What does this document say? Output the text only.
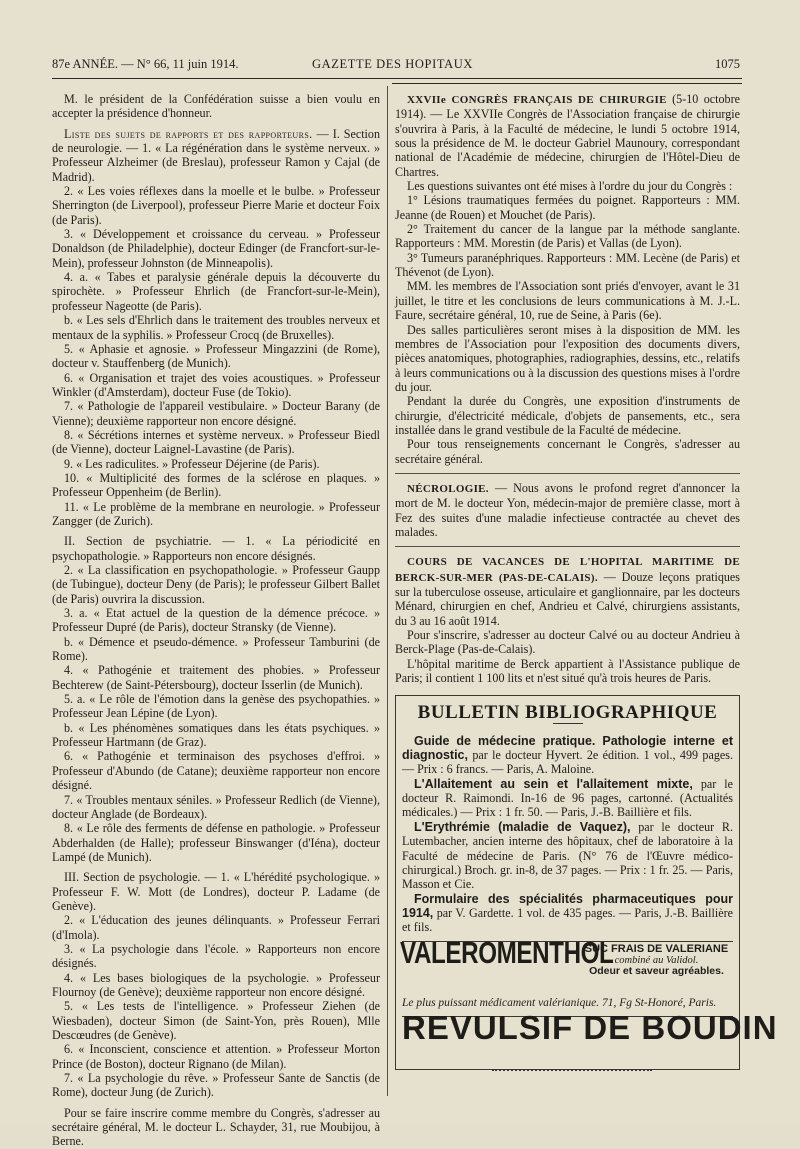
87e ANNÉE. — N° 66, 11 juin 1914.	GAZETTE DES HOPITAUX	1075

M. le président de la Confédération suisse a bien voulu en accepter la présidence d'honneur.

Liste des sujets de rapports et des rapporteurs. — I. Section de neurologie. — 1. « La régénération dans le système nerveux. » Professeur Alzheimer (de Breslau), professeur Ramon y Cajal (de Madrid).

2. « Les voies réflexes dans la moelle et le bulbe. » Professeur Sherrington (de Liverpool), professeur Pierre Marie et docteur Foix (de Paris).

3. « Développement et croissance du cerveau. » Professeur Donaldson (de Philadelphie), docteur Edinger (de Francfort-sur-le-Mein), professeur Johnston (de Minneapolis).

4. a. « Tabes et paralysie générale depuis la découverte du spirochète. » Professeur Ehrlich (de Francfort-sur-le-Mein), professeur Nageotte (de Paris).

b. « Les sels d'Ehrlich dans le traitement des troubles nerveux et mentaux de la syphilis. » Professeur Crocq (de Bruxelles).

5. « Aphasie et agnosie. » Professeur Mingazzini (de Rome), docteur v. Stauffenberg (de Munich).

6. « Organisation et trajet des voies acoustiques. » Professeur Winkler (d'Amsterdam), docteur Fuse (de Tokio).

7. « Pathologie de l'appareil vestibulaire. » Docteur Barany (de Vienne); deuxième rapporteur non encore désigné.

8. « Sécrétions internes et système nerveux. » Professeur Biedl (de Vienne), docteur Laignel-Lavastine (de Paris).

9. « Les radiculites. » Professeur Déjerine (de Paris).

10. « Multiplicité des formes de la sclérose en plaques. » Professeur Oppenheim (de Berlin).

11. « Le problème de la membrane en neurologie. » Professeur Zangger (de Zurich).

II. Section de psychiatrie. — 1. « La périodicité en psychopathologie. » Rapporteurs non encore désignés.

2. « La classification en psychopathologie. » Professeur Gaupp (de Tubingue), docteur Deny (de Paris); le professeur Gilbert Ballet (de Paris) ouvrira la discussion.

3. a. « Etat actuel de la question de la démence précoce. » Professeur Dupré (de Paris), docteur Stransky (de Vienne).

b. « Démence et pseudo-démence. » Professeur Tamburini (de Rome).

4. « Pathogénie et traitement des phobies. » Professeur Bechterew (de Saint-Pétersbourg), docteur Isserlin (de Munich).

5. a. « Le rôle de l'émotion dans la genèse des psychopathies. » Professeur Jean Lépine (de Lyon).

b. « Les phénomènes somatiques dans les états psychiques. » Professeur Hartmann (de Graz).

6. « Pathogénie et terminaison des psychoses d'effroi. » Professeur d'Abundo (de Catane); deuxième rapporteur non encore désigné.

7. « Troubles mentaux séniles. » Professeur Redlich (de Vienne), docteur Anglade (de Bordeaux).

8. « Le rôle des ferments de défense en pathologie. » Professeur Abderhalden (de Halle); professeur Binswanger (d'Iéna), docteur Lampé (de Munich).

III. Section de psychologie. — 1. « L'hérédité psychologique. » Professeur F. W. Mott (de Londres), docteur P. Ladame (de Genève).

2. « L'éducation des jeunes délinquants. » Professeur Ferrari (d'Imola).

3. « La psychologie dans l'école. » Rapporteurs non encore désignés.

4. « Les bases biologiques de la psychologie. » Professeur Flournoy (de Genève); deuxième rapporteur non encore désigné.

5. « Les tests de l'intelligence. » Professeur Ziehen (de Wiesbaden), docteur Simon (de Saint-Yon, près Rouen), Mlle Descœudres (de Genève).

6. « Inconscient, conscience et attention. » Professeur Morton Prince (de Boston), docteur Rignano (de Milan).

7. « La psychologie du rêve. » Professeur Sante de Sanctis (de Rome), docteur Jung (de Zurich).

Pour se faire inscrire comme membre du Congrès, s'adresser au secrétaire général, M. le docteur L. Schayder, 31, rue Moubijou, à Berne.

XXVIIe CONGRÈS FRANÇAIS DE CHIRURGIE (5-10 octobre 1914). — Le XXVIIe Congrès de l'Association française de chirurgie s'ouvrira à Paris, à la Faculté de médecine, le lundi 5 octobre 1914, sous la présidence de M. le docteur Gabriel Maunoury, correspondant national de l'Académie de médecine, chirurgien de l'Hôtel-Dieu de Chartres.

Les questions suivantes ont été mises à l'ordre du jour du Congrès :

1° Lésions traumatiques fermées du poignet. Rapporteurs : MM. Jeanne (de Rouen) et Mouchet (de Paris).

2° Traitement du cancer de la langue par la méthode sanglante. Rapporteurs : MM. Morestin (de Paris) et Vallas (de Lyon).

3° Tumeurs paranéphriques. Rapporteurs : MM. Lecène (de Paris) et Thévenot (de Lyon).

MM. les membres de l'Association sont priés d'envoyer, avant le 31 juillet, le titre et les conclusions de leurs communications à M. J.-L. Faure, secrétaire général, 10, rue de Seine, à Paris (6e).

Des salles particulières seront mises à la disposition de MM. les membres de l'Association pour l'exposition des documents divers, pièces anatomiques, photographies, radiographies, dessins, etc., relatifs à leurs communications ou à la discussion des questions mises à l'ordre du jour.

Pendant la durée du Congrès, une exposition d'instruments de chirurgie, d'électricité médicale, d'objets de pansements, etc., sera installée dans le grand vestibule de la Faculté de médecine.

Pour tous renseignements concernant le Congrès, s'adresser au secrétaire général.

NÉCROLOGIE. — Nous avons le profond regret d'annoncer la mort de M. le docteur Yon, médecin-major de première classe, mort à Fez des suites d'une maladie infectieuse contractée au chevet des malades.

COURS DE VACANCES DE L'HOPITAL MARITIME DE BERCK-SUR-MER (PAS-DE-CALAIS). — Douze leçons pratiques sur la tuberculose osseuse, articulaire et ganglionnaire, par les docteurs Ménard, chirurgien en chef, Andrieu et Calvé, chirurgiens assistants, du 3 au 16 août 1914.

Pour s'inscrire, s'adresser au docteur Calvé ou au docteur Andrieu à Berck-Plage (Pas-de-Calais).

L'hôpital maritime de Berck appartient à l'Assistance publique de Paris; il contient 1 100 lits et n'est situé qu'à trois heures de Paris.

BULLETIN BIBLIOGRAPHIQUE

Guide de médecine pratique. Pathologie interne et diagnostic, par le docteur Hyvert. 2e édition. 1 vol., 499 pages. — Prix : 6 francs. — Paris, A. Maloine.

L'Allaitement au sein et l'allaitement mixte, par le docteur R. Raimondi. In-16 de 96 pages, cartonné. (Actualités médicales.) — Prix : 1 fr. 50. — Paris, J.-B. Baillière et fils.

L'Erythrémie (maladie de Vaquez), par le docteur R. Lutembacher, ancien interne des hôpitaux, chef de laboratoire à la Faculté de médecine de Paris. (N° 76 de l'Œuvre médico-chirurgical.) Broch. gr. in-8, de 37 pages. — Prix : 1 fr. 25. — Paris, Masson et Cie.

Formulaire des spécialités pharmaceutiques pour 1914, par V. Gardette. 1 vol. de 435 pages. — Paris, J.-B. Baillière et fils.

VALEROMENTHOL
SUC FRAIS DE VALERIANE
combiné au Validol.
Odeur et saveur agréables.
Le plus puissant médicament valérianique. 71, Fg St-Honoré, Paris.
REVULSIF DE BOUDIN
